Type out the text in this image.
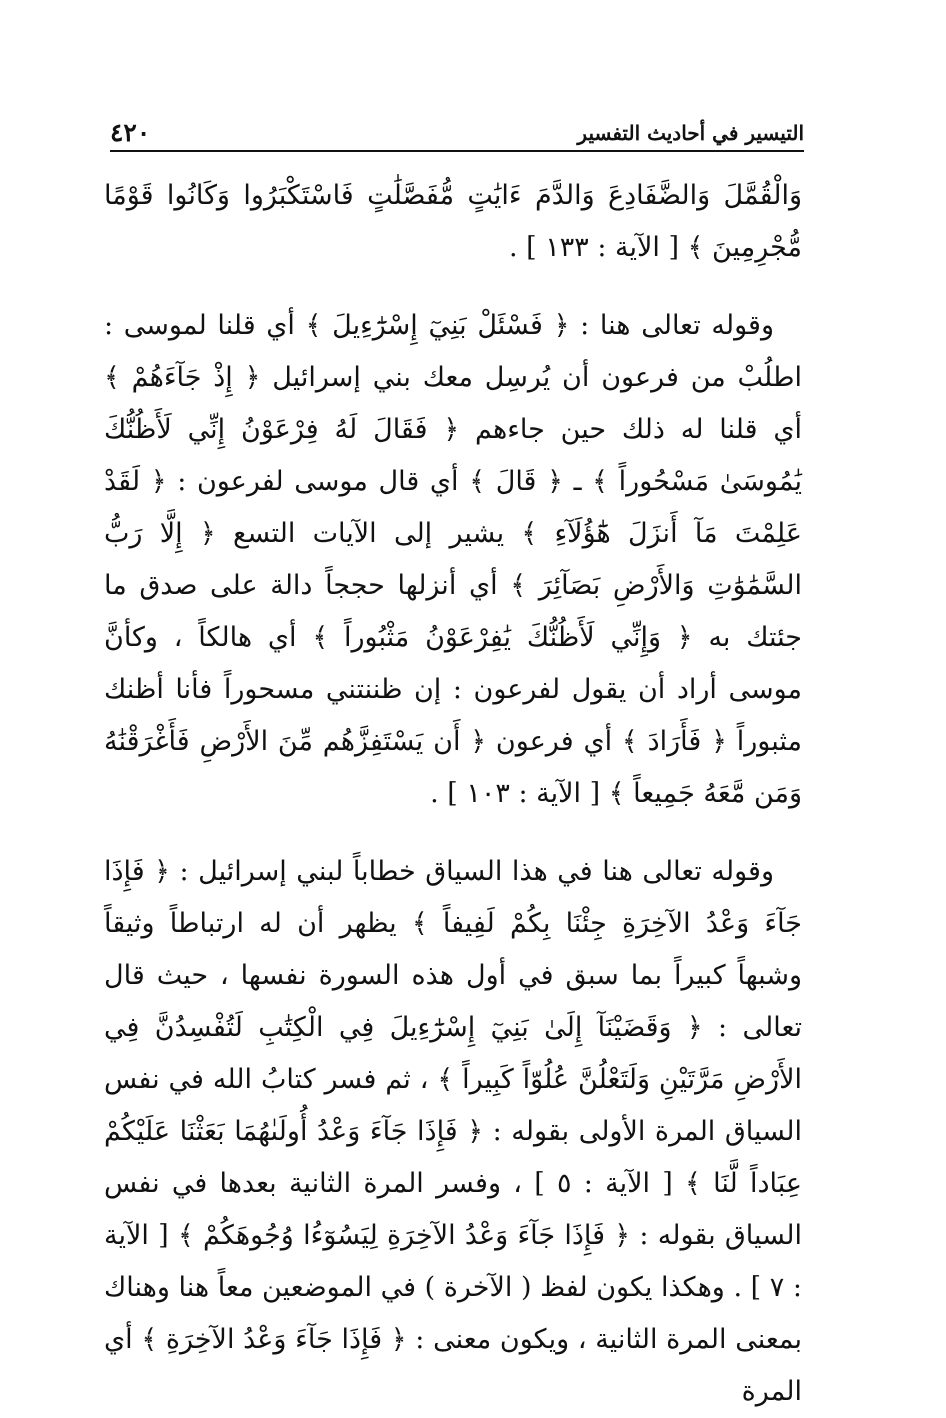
٤٢٠	التيسير في أحاديث التفسير

وَالْقُمَّلَ وَالضَّفَادِعَ وَالدَّمَ ءَايَٰتٍ مُّفَصَّلَٰتٍ فَاسْتَكْبَرُوا وَكَانُوا قَوْمًا مُّجْرِمِينَ ﴾ [ الآية : ١٣٣ ] .

وقوله تعالى هنا : ﴿ فَسْئَلْ بَنِيٓ إِسْرَٰٓءِيلَ ﴾ أي قلنا لموسى : اطلُبْ من فرعون أن يُرسِل معك بني إسرائيل ﴿ إِذْ جَآءَهُمْ ﴾ أي قلنا له ذلك حين جاءهم ﴿ فَقَالَ لَهُ فِرْعَوْنُ إِنِّي لَأَظُنُّكَ يَٰمُوسَىٰ مَسْحُوراً ﴾ ـ ﴿ قَالَ ﴾ أي قال موسى لفرعون : ﴿ لَقَدْ عَلِمْتَ مَآ أَنزَلَ هَٰٓؤُلَآءِ ﴾ يشير إلى الآيات التسع ﴿ إِلَّا رَبُّ السَّمَٰوَٰتِ وَالأَرْضِ بَصَآئِرَ ﴾ أي أنزلها حججاً دالة على صدق ما جئتك به ﴿ وَإِنِّي لَأَظُنُّكَ يَٰفِرْعَوْنُ مَثْبُوراً ﴾ أي هالكاً ، وكأنَّ موسى أراد أن يقول لفرعون : إن ظننتني مسحوراً فأنا أظنك مثبوراً ﴿ فَأَرَادَ ﴾ أي فرعون ﴿ أَن يَسْتَفِزَّهُم مِّنَ الأَرْضِ فَأَغْرَقْنَٰهُ وَمَن مَّعَهُ جَمِيعاً ﴾ [ الآية : ١٠٣ ] .

وقوله تعالى هنا في هذا السياق خطاباً لبني إسرائيل : ﴿ فَإِذَا جَآءَ وَعْدُ الآخِرَةِ جِئْنَا بِكُمْ لَفِيفاً ﴾ يظهر أن له ارتباطاً وثيقاً وشبهاً كبيراً بما سبق في أول هذه السورة نفسها ، حيث قال تعالى : ﴿ وَقَضَيْنَآ إِلَىٰ بَنِيٓ إِسْرَٰٓءِيلَ فِي الْكِتَٰبِ لَتُفْسِدُنَّ فِي الأَرْضِ مَرَّتَيْنِ وَلَتَعْلُنَّ عُلُوّاً كَبِيراً ﴾ ، ثم فسر كتابُ الله في نفس السياق المرة الأولى بقوله : ﴿ فَإِذَا جَآءَ وَعْدُ أُولَىٰهُمَا بَعَثْنَا عَلَيْكُمْ عِبَاداً لَّنَا ﴾ [ الآية : ٥ ] ، وفسر المرة الثانية بعدها في نفس السياق بقوله : ﴿ فَإِذَا جَآءَ وَعْدُ الآخِرَةِ لِيَسُوٓءُا وُجُوهَكُمْ ﴾ [ الآية : ٧ ] . وهكذا يكون لفظ ( الآخرة ) في الموضعين معاً هنا وهناك بمعنى المرة الثانية ، ويكون معنى : ﴿ فَإِذَا جَآءَ وَعْدُ الآخِرَةِ ﴾ أي المرة
